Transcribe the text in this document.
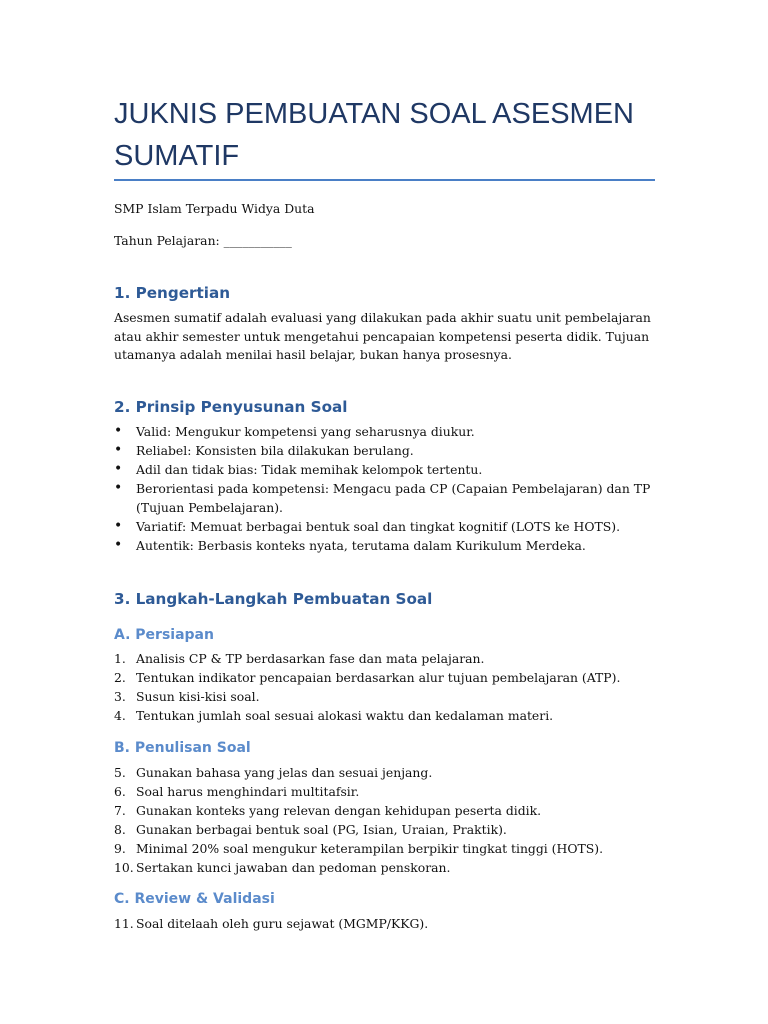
JUKNIS PEMBUATAN SOAL ASESMEN SUMATIF

SMP Islam Terpadu Widya Duta

Tahun Pelajaran: ___________

1. Pengertian

Asesmen sumatif adalah evaluasi yang dilakukan pada akhir suatu unit pembelajaran atau akhir semester untuk mengetahui pencapaian kompetensi peserta didik. Tujuan utamanya adalah menilai hasil belajar, bukan hanya prosesnya.

2. Prinsip Penyusunan Soal
•	Valid: Mengukur kompetensi yang seharusnya diukur.
•	Reliabel: Konsisten bila dilakukan berulang.
•	Adil dan tidak bias: Tidak memihak kelompok tertentu.
•	Berorientasi pada kompetensi: Mengacu pada CP (Capaian Pembelajaran) dan TP (Tujuan Pembelajaran).
•	Variatif: Memuat berbagai bentuk soal dan tingkat kognitif (LOTS ke HOTS).
•	Autentik: Berbasis konteks nyata, terutama dalam Kurikulum Merdeka.
3. Langkah-Langkah Pembuatan Soal
A. Persiapan
1. Analisis CP & TP berdasarkan fase dan mata pelajaran.
2. Tentukan indikator pencapaian berdasarkan alur tujuan pembelajaran (ATP).
3. Susun kisi-kisi soal.
4. Tentukan jumlah soal sesuai alokasi waktu dan kedalaman materi.
B. Penulisan Soal
5. Gunakan bahasa yang jelas dan sesuai jenjang.
6. Soal harus menghindari multitafsir.
7. Gunakan konteks yang relevan dengan kehidupan peserta didik.
8. Gunakan berbagai bentuk soal (PG, Isian, Uraian, Praktik).
9. Minimal 20% soal mengukur keterampilan berpikir tingkat tinggi (HOTS).
10. Sertakan kunci jawaban dan pedoman penskoran.
C. Review & Validasi
11. Soal ditelaah oleh guru sejawat (MGMP/KKG).
